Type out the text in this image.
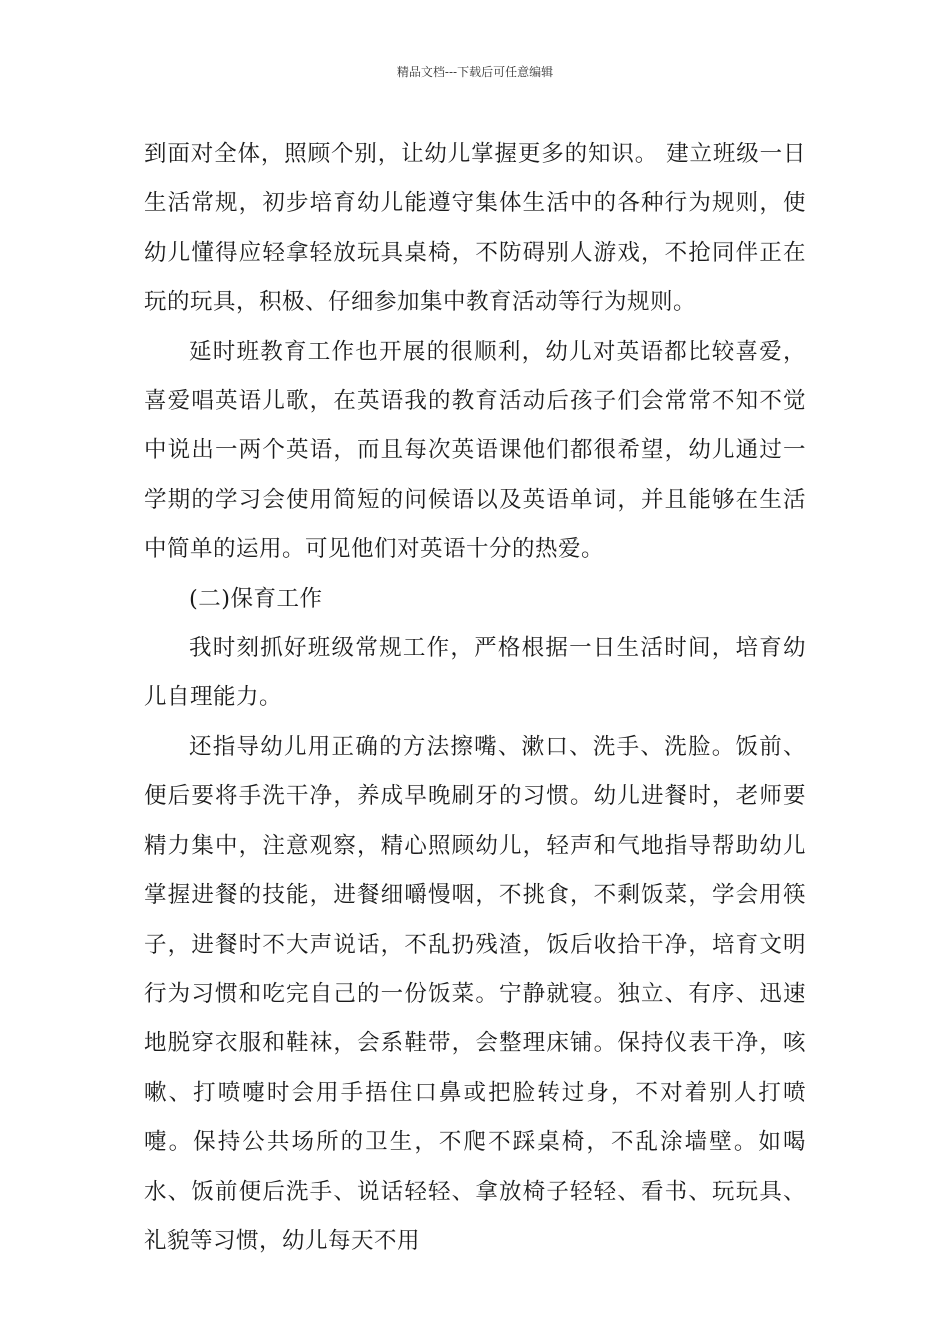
精品文档---下载后可任意编辑

到面对全体，照顾个别，让幼儿掌握更多的知识。 建立班级一日生活常规，初步培育幼儿能遵守集体生活中的各种行为规则，使幼儿懂得应轻拿轻放玩具桌椅，不防碍别人游戏，不抢同伴正在玩的玩具，积极、仔细参加集中教育活动等行为规则。

延时班教育工作也开展的很顺利，幼儿对英语都比较喜爱，喜爱唱英语儿歌，在英语我的教育活动后孩子们会常常不知不觉中说出一两个英语，而且每次英语课他们都很希望，幼儿通过一学期的学习会使用简短的问候语以及英语单词，并且能够在生活中简单的运用。可见他们对英语十分的热爱。

(二)保育工作

我时刻抓好班级常规工作，严格根据一日生活时间，培育幼儿自理能力。

还指导幼儿用正确的方法擦嘴、漱口、洗手、洗脸。饭前、便后要将手洗干净，养成早晚刷牙的习惯。幼儿进餐时，老师要精力集中，注意观察，精心照顾幼儿，轻声和气地指导帮助幼儿掌握进餐的技能，进餐细嚼慢咽，不挑食，不剩饭菜，学会用筷子，进餐时不大声说话，不乱扔残渣，饭后收拾干净，培育文明行为习惯和吃完自己的一份饭菜。宁静就寝。独立、有序、迅速地脱穿衣服和鞋袜，会系鞋带，会整理床铺。保持仪表干净，咳嗽、打喷嚏时会用手捂住口鼻或把脸转过身，不对着别人打喷嚏。保持公共场所的卫生，不爬不踩桌椅，不乱涂墙壁。如喝水、饭前便后洗手、说话轻轻、拿放椅子轻轻、看书、玩玩具、礼貌等习惯，幼儿每天不用
